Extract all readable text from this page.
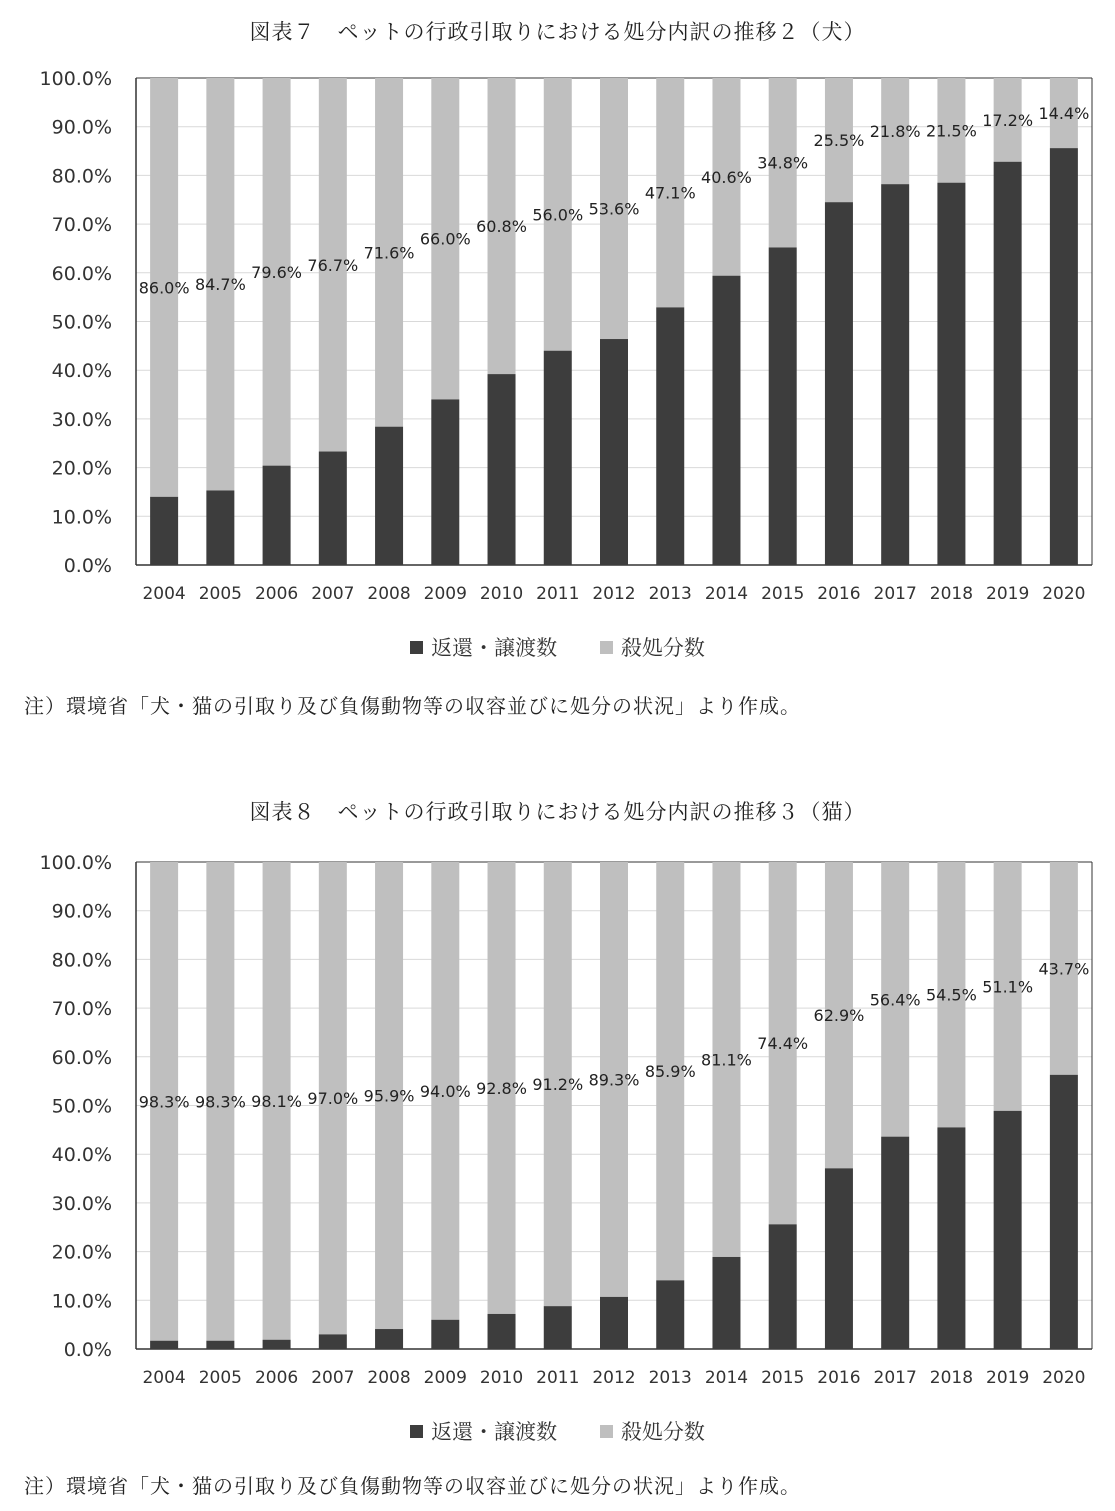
図表７　ペットの行政引取りにおける処分内訳の推移２（犬）
0.0%
10.0%
20.0%
30.0%
40.0%
50.0%
60.0%
70.0%
80.0%
90.0%
100.0%
86.0%
2004
84.7%
2005
79.6%
2006
76.7%
2007
71.6%
2008
66.0%
2009
60.8%
2010
56.0%
2011
53.6%
2012
47.1%
2013
40.6%
2014
34.8%
2015
25.5%
2016
21.8%
2017
21.5%
2018
17.2%
2019
14.4%
2020
返還・譲渡数	殺処分数
注）環境省「犬・猫の引取り及び負傷動物等の収容並びに処分の状況」より作成。
図表８　ペットの行政引取りにおける処分内訳の推移３（猫）
0.0%
10.0%
20.0%
30.0%
40.0%
50.0%
60.0%
70.0%
80.0%
90.0%
100.0%
98.3%
2004
98.3%
2005
98.1%
2006
97.0%
2007
95.9%
2008
94.0%
2009
92.8%
2010
91.2%
2011
89.3%
2012
85.9%
2013
81.1%
2014
74.4%
2015
62.9%
2016
56.4%
2017
54.5%
2018
51.1%
2019
43.7%
2020
返還・譲渡数	殺処分数
注）環境省「犬・猫の引取り及び負傷動物等の収容並びに処分の状況」より作成。
